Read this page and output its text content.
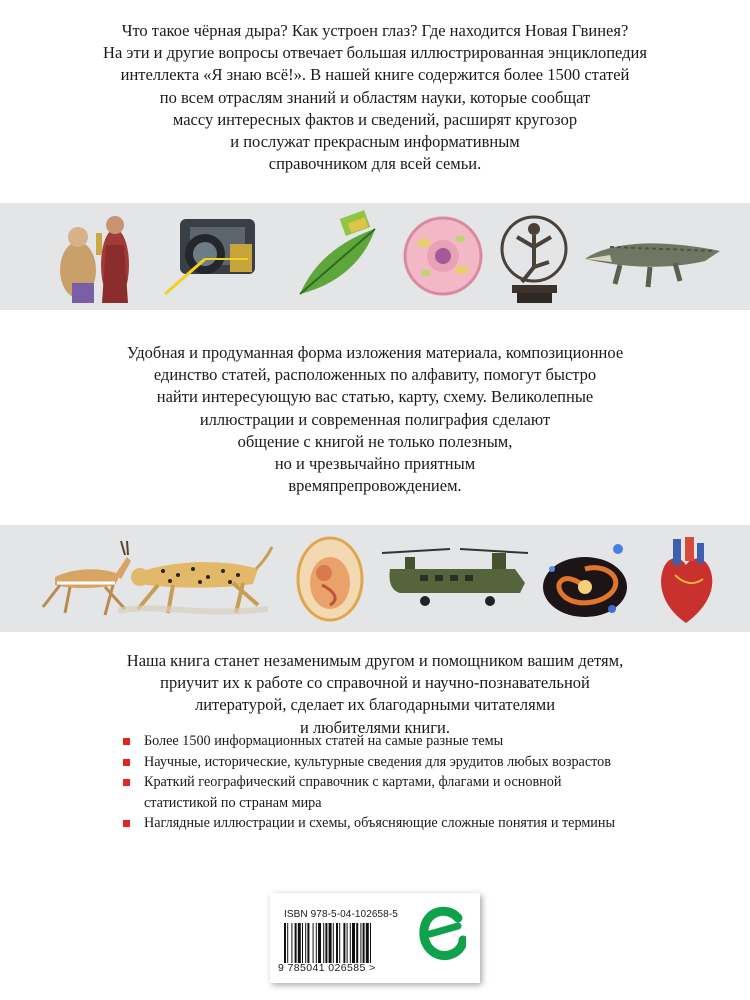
Что такое чёрная дыра? Как устроен глаз? Где находится Новая Гвинея?
На эти и другие вопросы отвечает большая иллюстрированная энциклопедия
интеллекта «Я знаю всё!». В нашей книге содержится более 1500 статей
по всем отраслям знаний и областям науки, которые сообщат
массу интересных фактов и сведений, расширят кругозор
и послужат прекрасным информативным
справочником для всей семьи.

Удобная и продуманная форма изложения материала, композиционное
единство статей, расположенных по алфавиту, помогут быстро
найти интересующую вас статью, карту, схему. Великолепные
иллюстрации и современная полиграфия сделают
общение с книгой не только полезным,
но и чрезвычайно приятным
времяпрепровождением.

Наша книга станет незаменимым другом и помощником вашим детям,
приучит их к работе со справочной и научно-познавательной
литературой, сделает их благодарными читателями
и любителями книги.

Более 1500 информационных статей на самые разные темы
Научные, исторические, культурные сведения для эрудитов любых возрастов
Краткий географический справочник с картами, флагами и основной
статистикой по странам мира
Наглядные иллюстрации и схемы, объясняющие сложные понятия и термины
ISBN 978-5-04-102658-5
9 785041 026585 >
